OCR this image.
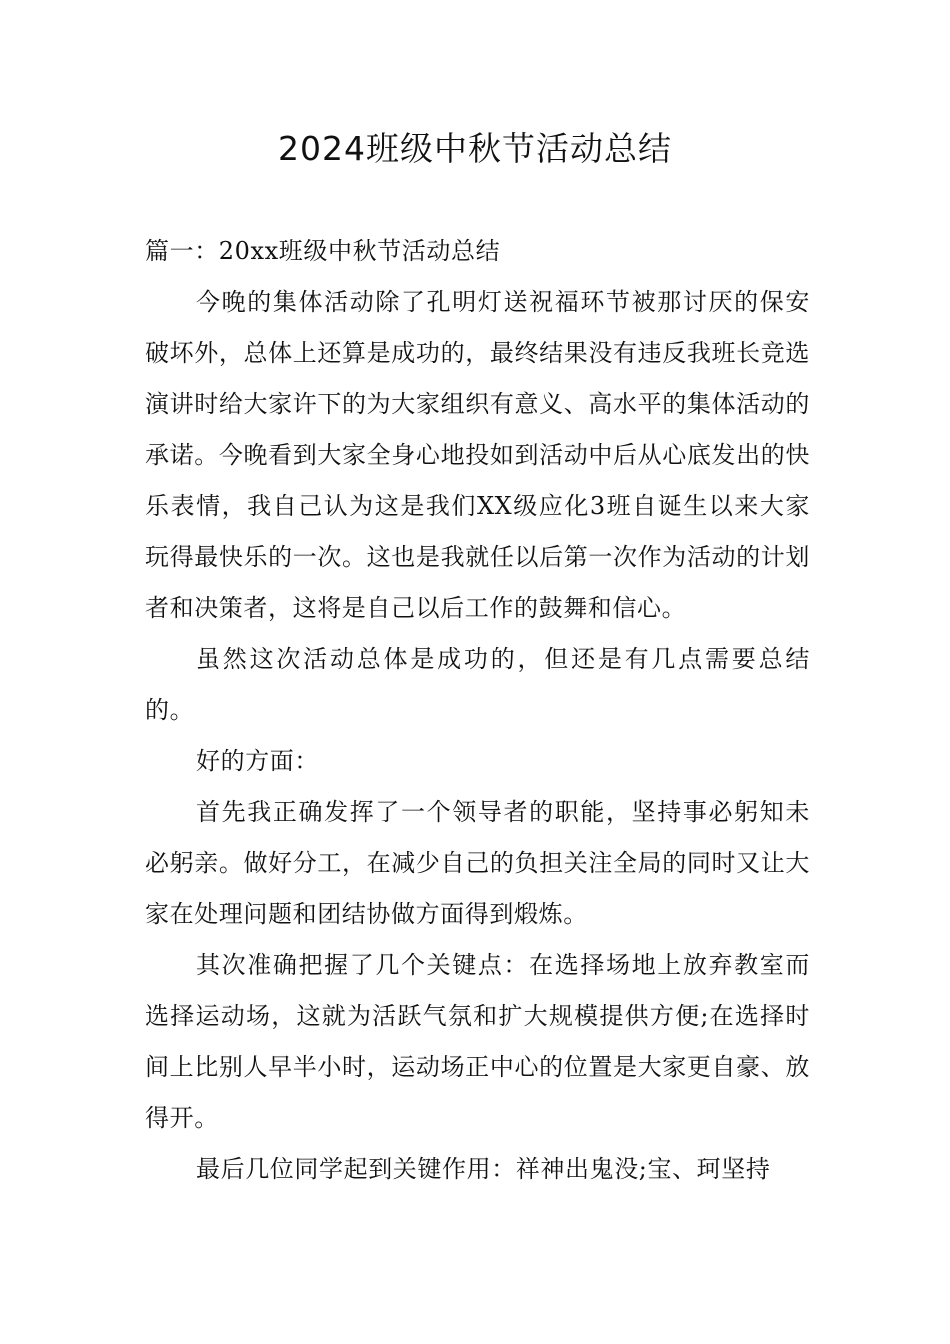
2024班级中秋节活动总结

篇一：20xx班级中秋节活动总结

今晚的集体活动除了孔明灯送祝福环节被那讨厌的保安破坏外，总体上还算是成功的，最终结果没有违反我班长竞选演讲时给大家许下的为大家组织有意义、高水平的集体活动的承诺。今晚看到大家全身心地投如到活动中后从心底发出的快乐表情，我自己认为这是我们XX级应化3班自诞生以来大家玩得最快乐的一次。这也是我就任以后第一次作为活动的计划者和决策者，这将是自己以后工作的鼓舞和信心。

虽然这次活动总体是成功的，但还是有几点需要总结的。

好的方面：

首先我正确发挥了一个领导者的职能，坚持事必躬知未必躬亲。做好分工，在减少自己的负担关注全局的同时又让大家在处理问题和团结协做方面得到煅炼。

其次准确把握了几个关键点：在选择场地上放弃教室而选择运动场，这就为活跃气氛和扩大规模提供方便;在选择时间上比别人早半小时，运动场正中心的位置是大家更自豪、放得开。

最后几位同学起到关键作用：祥神出鬼没;宝、珂坚持
